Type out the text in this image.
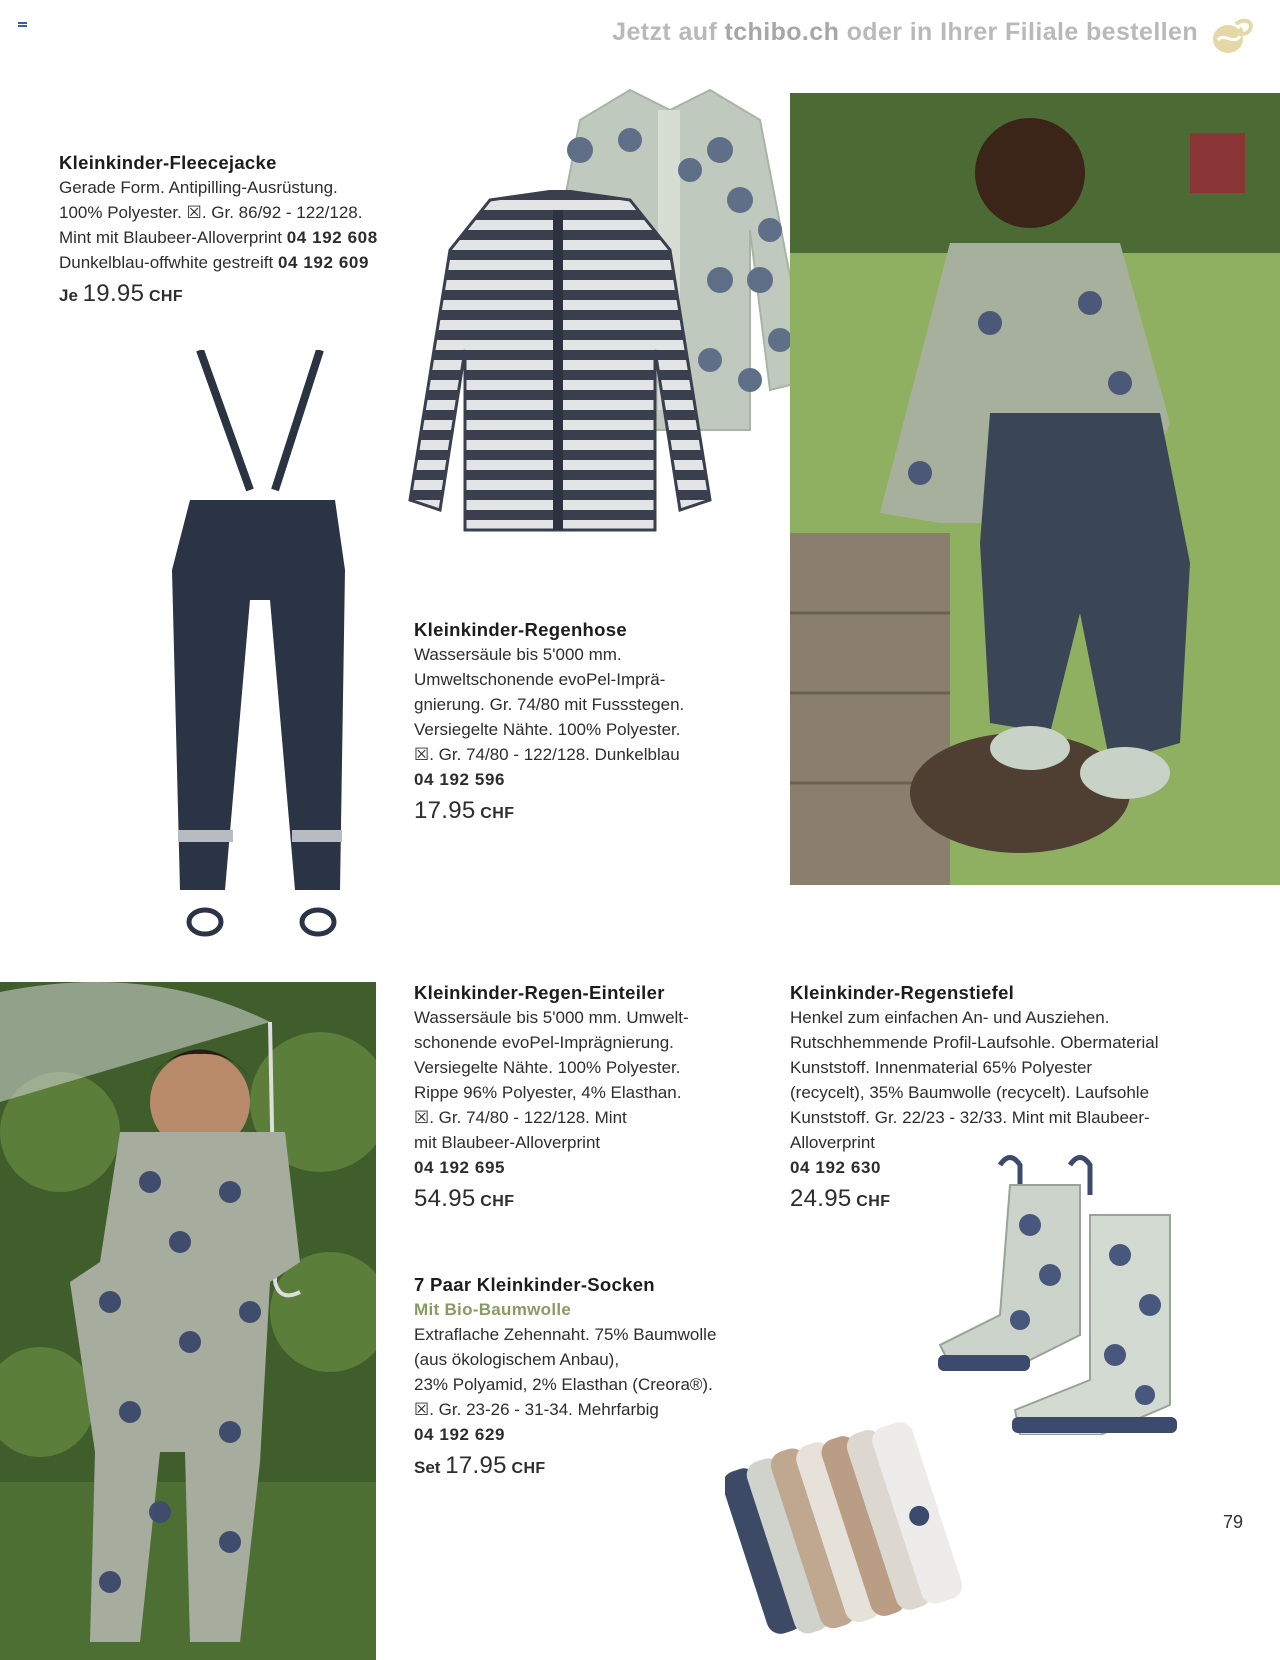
Jetzt auf tchibo.ch oder in Ihrer Filiale bestellen
Kleinkinder-Fleecejacke
Gerade Form. Antipilling-Ausrüstung.
100% Polyester. ☒. Gr. 86/92 - 122/128.
Mint mit Blaubeer-Alloverprint 04 192 608
Dunkelblau-offwhite gestreift 04 192 609
Je 19.95 CHF
Kleinkinder-Regenhose
Wassersäule bis 5'000 mm.
Umweltschonende evoPel-Imprä-
gnierung. Gr. 74/80 mit Fussstegen.
Versiegelte Nähte. 100% Polyester.
☒. Gr. 74/80 - 122/128. Dunkelblau
04 192 596
17.95 CHF
Kleinkinder-Regen-Einteiler
Wassersäule bis 5'000 mm. Umwelt-
schonende evoPel-Imprägnierung.
Versiegelte Nähte. 100% Polyester.
Rippe 96% Polyester, 4% Elasthan.
☒. Gr. 74/80 - 122/128. Mint
mit Blaubeer-Alloverprint
04 192 695
54.95 CHF
Kleinkinder-Regenstiefel
Henkel zum einfachen An- und Ausziehen.
Rutschhemmende Profil-Laufsohle. Obermaterial
Kunststoff. Innenmaterial 65% Polyester
(recycelt), 35% Baumwolle (recycelt). Laufsohle
Kunststoff. Gr. 22/23 - 32/33. Mint mit Blaubeer-
Alloverprint
04 192 630
24.95 CHF
7 Paar Kleinkinder-Socken
Mit Bio-Baumwolle
Extraflache Zehennaht. 75% Baumwolle
(aus ökologischem Anbau),
23% Polyamid, 2% Elasthan (Creora®).
☒. Gr. 23-26 - 31-34. Mehrfarbig
04 192 629
Set 17.95 CHF
79
